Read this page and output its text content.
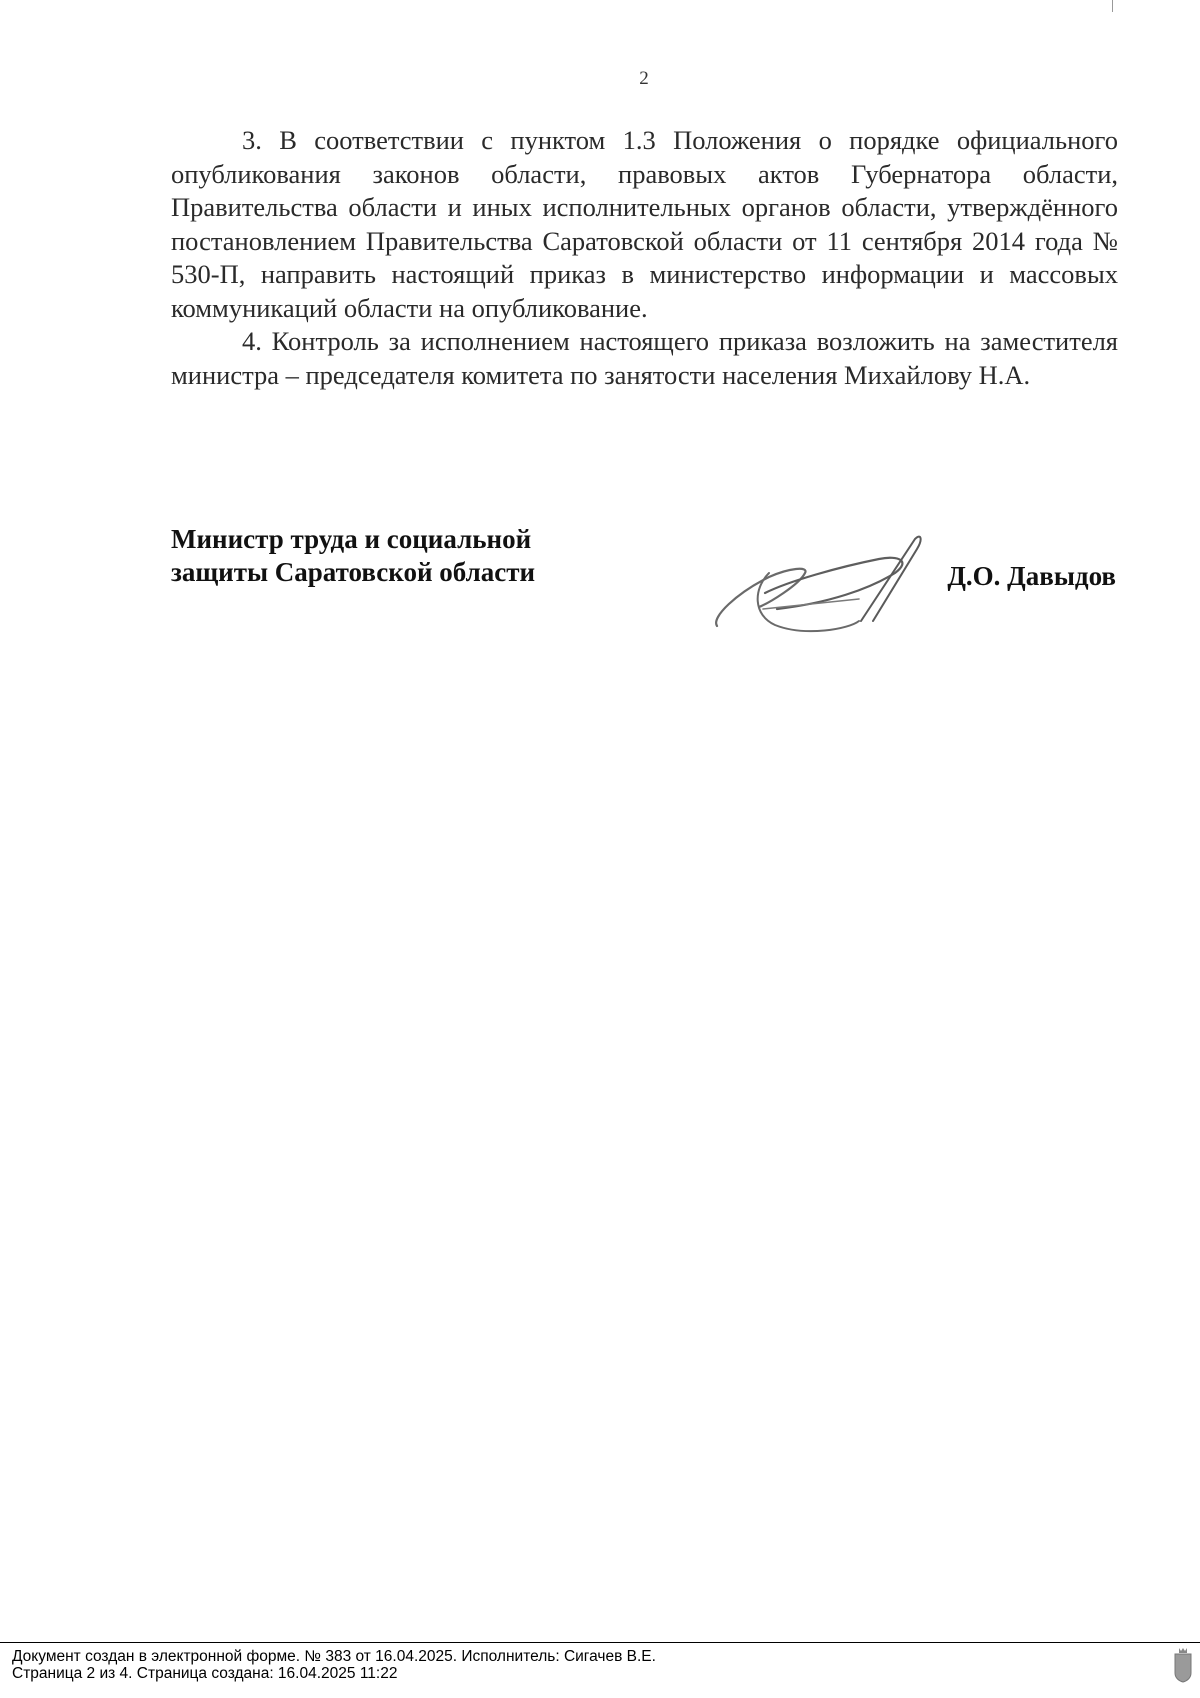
2

3. В соответствии с пунктом 1.3 Положения о порядке официального опубликования законов области, правовых актов Губернатора области, Правительства области и иных исполнительных органов области, утверждённого постановлением Правительства Саратовской области от 11 сентября 2014 года № 530-П, направить настоящий приказ в министерство информации и массовых коммуникаций области на опубликование.

4. Контроль за исполнением настоящего приказа возложить на заместителя министра – председателя комитета по занятости населения Михайлову Н.А.

Министр труда и социальной
защиты Саратовской области	Д.О. Давыдов
Документ создан в электронной форме. № 383 от 16.04.2025. Исполнитель: Сигачев В.Е.
Страница 2 из 4. Страница создана: 16.04.2025 11:22
